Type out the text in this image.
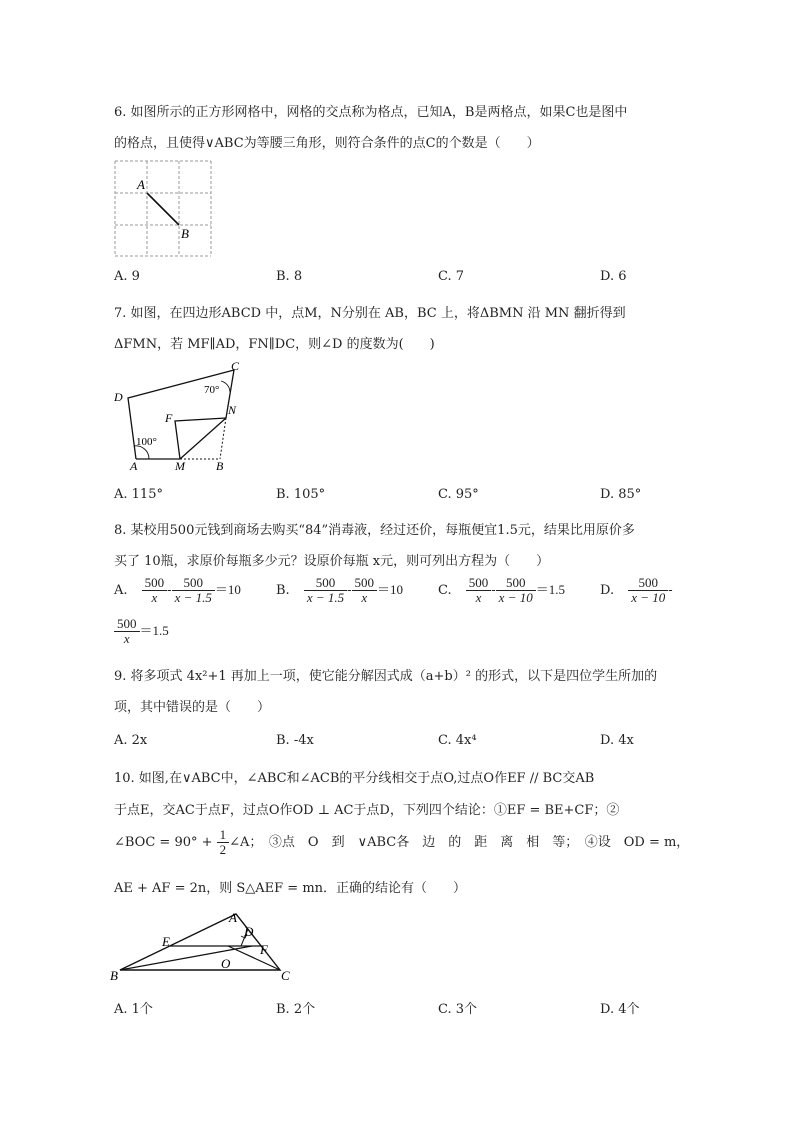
6. 如图所示的正方形网格中，网格的交点称为格点，已知A，B是两格点，如果C也是图中
的格点，且使得∨ABC为等腰三角形，则符合条件的点C的个数是（　　）
A
B
A. 9	B. 8	C. 7	D. 6
7. 如图，在四边形ABCD 中，点M，N分别在 AB，BC 上，将ΔBMN 沿 MN 翻折得到
ΔFMN，若 MF∥AD，FN∥DC，则∠D 的度数为(　　)
C
D
F
N
A	M	B
70°
100°
A. 115°	B. 105°	C. 95°	D. 85°
8. 某校用500元钱到商场去购买“84”消毒液，经过还价，每瓶便宜1.5元，结果比用原价多
买了 10瓶，求原价每瓶多少元？设原价每瓶 x元，则可列出方程为（　　）
A. $\frac{500}{x} - \frac{500}{x - 1.5} =10$	B. $\frac{500}{x - 1.5} - \frac{500}{x} =10$	C. $\frac{500}{x} - \frac{500}{x - 10} =1.5$	D. $\frac{500}{x - 10}$ -
$\frac{500}{x} =1.5$
9. 将多项式 4x²+1 再加上一项，使它能分解因式成（a+b）² 的形式，以下是四位学生所加的
项，其中错误的是（　　）
A. 2x	B. -4x	C. 4x⁴	D. 4x
10. 如图,在∨ABC中，∠ABC和∠ACB的平分线相交于点O,过点O作EF // BC交AB
于点E，交AC于点F，过点O作OD ⊥ AC于点D，下列四个结论：①EF = BE+CF；②
∠BOC = $90^\circ + \frac{1}{2}$ ∠A；　③点　O　到　∨ABC各　边　的　距　离　相　等；　④设　OD = m，
AE + AF = 2n，则 S△AEF = mn．正确的结论有（　　）
A
D
E
F
O
B	C
A. 1个	B. 2个	C. 3个	D. 4个
